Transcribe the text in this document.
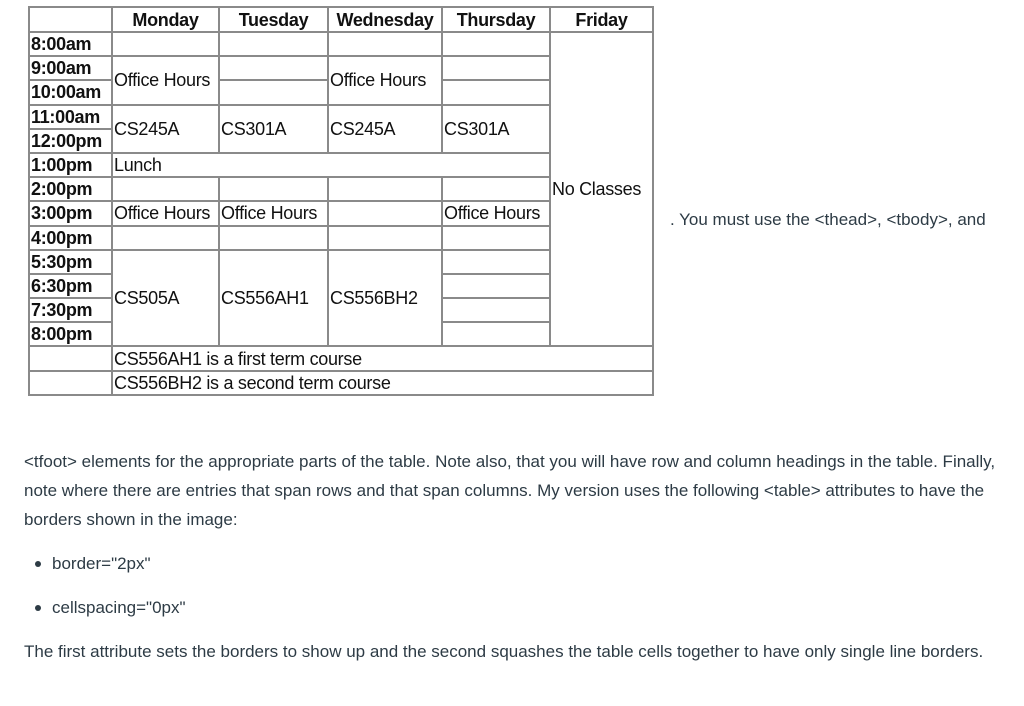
	Monday	Tuesday	Wednesday	Thursday	Friday
8:00am					No Classes
9:00am	Office Hours		Office Hours		
10:00am					
11:00am	CS245A	CS301A	CS245A	CS301A	
12:00pm					
1:00pm	Lunch				
2:00pm					
3:00pm	Office Hours	Office Hours		Office Hours	
4:00pm					
5:30pm	CS505A	CS556AH1	CS556BH2		
6:30pm					
7:30pm					
8:00pm					
	CS556AH1 is a first term course				
	CS556BH2 is a second term course				
. You must use the <thead>, <tbody>, and

<tfoot> elements for the appropriate parts of the table. Note also, that you will have row and column headings in the table. Finally, note where there are entries that span rows and that span columns. My version uses the following <table> attributes to have the borders shown in the image:

border="2px"
cellspacing="0px"

The first attribute sets the borders to show up and the second squashes the table cells together to have only single line borders.
